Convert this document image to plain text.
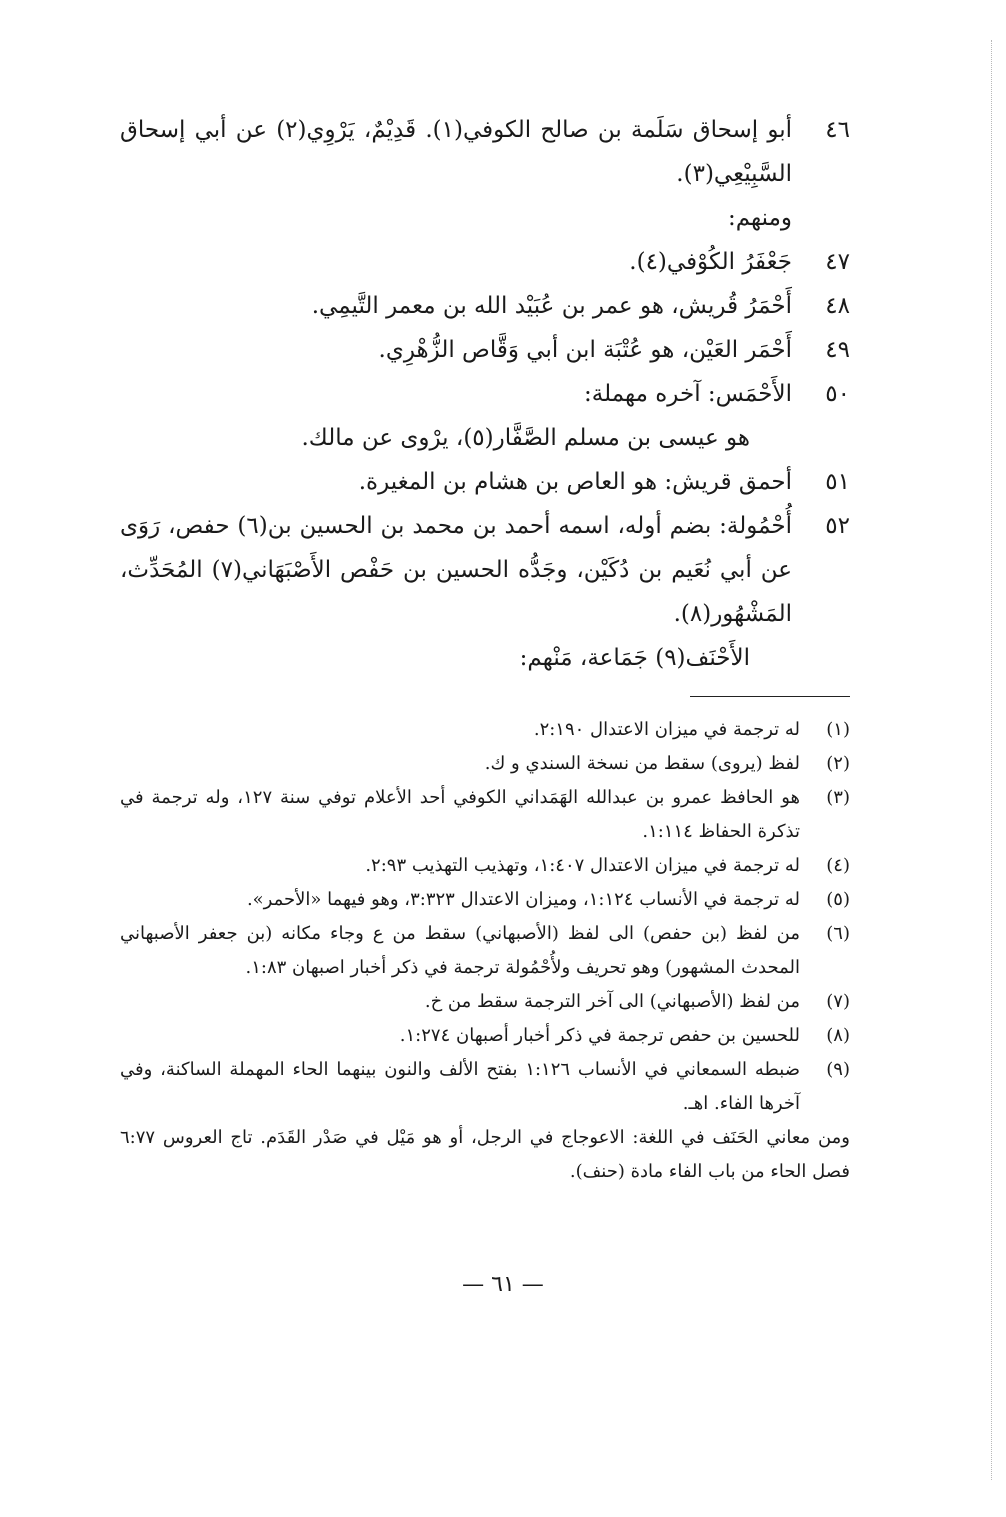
٤٦
أبو إسحاق سَلَمة بن صالح الكوفي(١). قَدِيْمٌ، يَرْوِي(٢) عن أبي إسحاق السَّبِيْعِي(٣).
ومنهم:
٤٧
جَعْفَرُ الكُوْفي(٤).
٤٨
أَحْمَرُ قُريش، هو عمر بن عُبَيْد الله بن معمر التَّيمِي.
٤٩
أَحْمَر العَيْن، هو عُتْبَة ابن أبي وَقَّاص الزُّهْرِي.
٥٠
الأَحْمَس: آخره مهملة:
هو عيسى بن مسلم الصَّفَّار(٥)، يرْوى عن مالك.
٥١
أحمق قريش: هو العاص بن هشام بن المغيرة.
٥٢
أُحْمُولة: بضم أوله، اسمه أحمد بن محمد بن الحسين بن(٦) حفص، رَوَى عن أبي نُعَيم بن دُكَيْن، وجَدُّه الحسين بن حَفْص الأَصْبَهَاني(٧) المُحَدِّث، المَشْهُور(٨).
الأَحْنَف(٩) جَمَاعة، مَنْهم:
(١)
له ترجمة في ميزان الاعتدال ٢:١٩٠.
(٢)
لفظ (يروى) سقط من نسخة السندي و ك.
(٣)
هو الحافظ عمرو بن عبدالله الهَمَداني الكوفي أحد الأعلام توفي سنة ١٢٧، وله ترجمة في تذكرة الحفاظ ١:١١٤.
(٤)
له ترجمة في ميزان الاعتدال ١:٤٠٧، وتهذيب التهذيب ٢:٩٣.
(٥)
له ترجمة في الأنساب ١:١٢٤، وميزان الاعتدال ٣:٣٢٣، وهو فيهما «الأحمر».
(٦)
من لفظ (بن حفص) الى لفظ (الأصبهاني) سقط من ع وجاء مكانه (بن جعفر الأصبهاني المحدث المشهور) وهو تحريف ولأُحْمُولة ترجمة في ذكر أخبار اصبهان ١:٨٣.
(٧)
من لفظ (الأصبهاني) الى آخر الترجمة سقط من خ.
(٨)
للحسين بن حفص ترجمة في ذكر أخبار أصبهان ١:٢٧٤.
(٩)
ضبطه السمعاني في الأنساب ١:١٢٦ بفتح الألف والنون بينهما الحاء المهملة الساكنة، وفي آخرها الفاء. اهـ.
ومن معاني الحَنَف في اللغة: الاعوجاج في الرجل، أو هو مَيْل في صَدْر القَدَم. تاج العروس ٦:٧٧ فصل الحاء من باب الفاء مادة (حنف).
— ٦١ —
